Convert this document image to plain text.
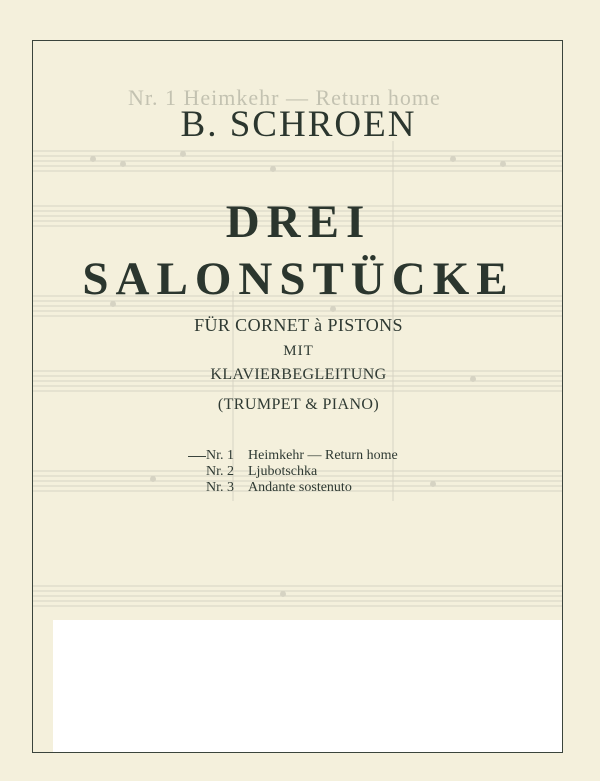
Nr. 1 Heimkehr — Return home
B. SCHROEN
DREI
SALONSTÜCKE
FÜR CORNET à PISTONS
MIT
KLAVIERBEGLEITUNG
(TRUMPET & PIANO)
Nr. 1 Heimkehr — Return home
Nr. 2 Ljubotschka
Nr. 3 Andante sostenuto
